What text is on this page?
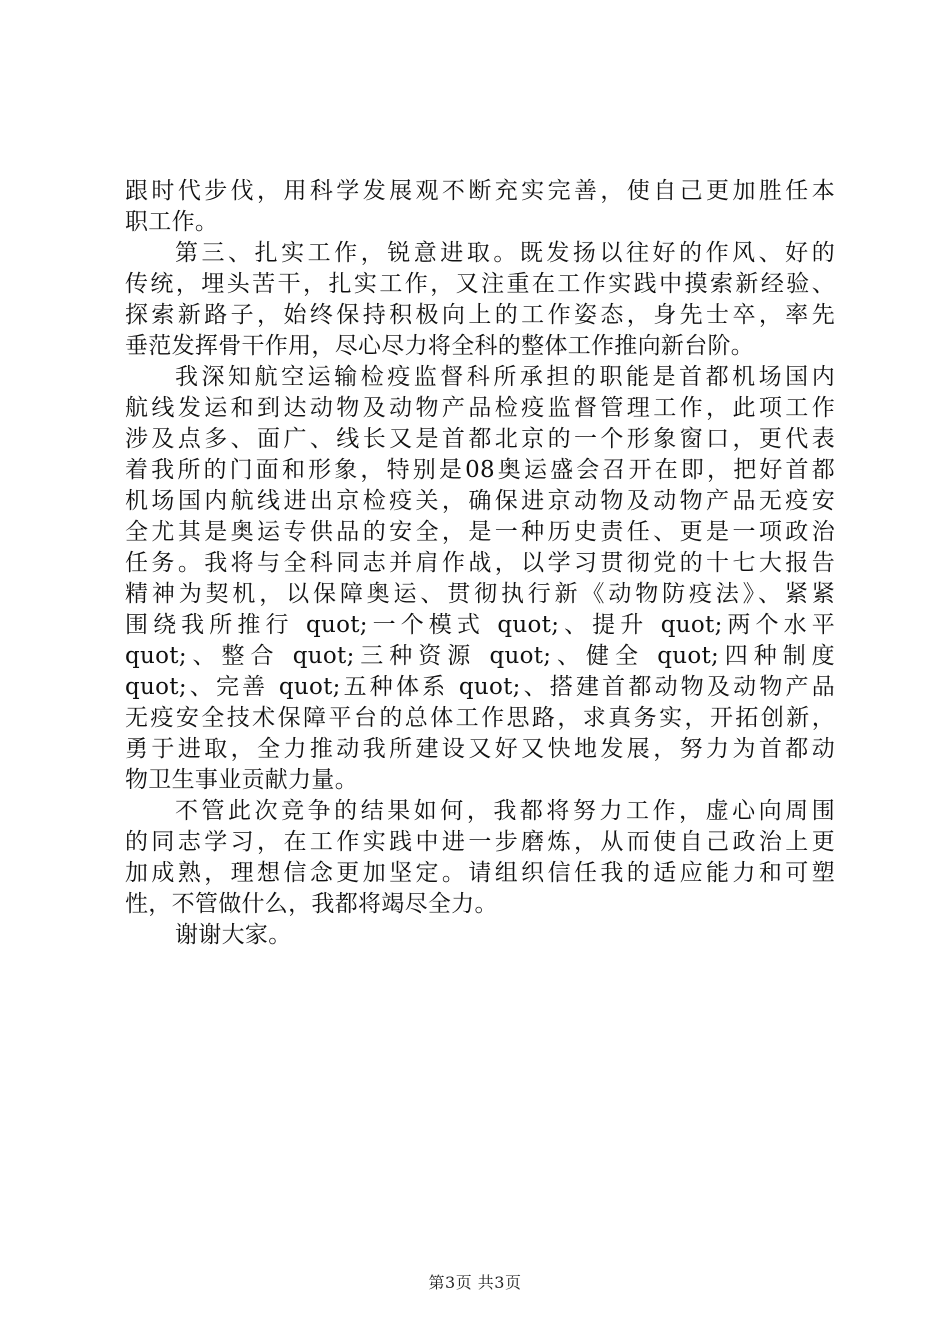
跟时代步伐，用科学发展观不断充实完善，使自己更加胜任本
职工作。
第三、扎实工作，锐意进取。既发扬以往好的作风、好的
传统，埋头苦干，扎实工作，又注重在工作实践中摸索新经验、
探索新路子，始终保持积极向上的工作姿态，身先士卒，率先
垂范发挥骨干作用，尽心尽力将全科的整体工作推向新台阶。
我深知航空运输检疫监督科所承担的职能是首都机场国内
航线发运和到达动物及动物产品检疫监督管理工作，此项工作
涉及点多、面广、线长又是首都北京的一个形象窗口，更代表
着我所的门面和形象，特别是08奥运盛会召开在即，把好首都
机场国内航线进出京检疫关，确保进京动物及动物产品无疫安
全尤其是奥运专供品的安全，是一种历史责任、更是一项政治
任务。我将与全科同志并肩作战，以学习贯彻党的十七大报告
精神为契机，以保障奥运、贯彻执行新《动物防疫法》、紧紧
围绕我所推行 quot;一个模式 quot;、提升 quot;两个水平
quot;、整合 quot;三种资源 quot;、健全 quot;四种制度
quot;、完善 quot;五种体系 quot;、搭建首都动物及动物产品
无疫安全技术保障平台的总体工作思路，求真务实，开拓创新，
勇于进取，全力推动我所建设又好又快地发展，努力为首都动
物卫生事业贡献力量。
不管此次竞争的结果如何，我都将努力工作，虚心向周围
的同志学习，在工作实践中进一步磨炼，从而使自己政治上更
加成熟，理想信念更加坚定。请组织信任我的适应能力和可塑
性，不管做什么，我都将竭尽全力。
谢谢大家。
第3页 共3页
